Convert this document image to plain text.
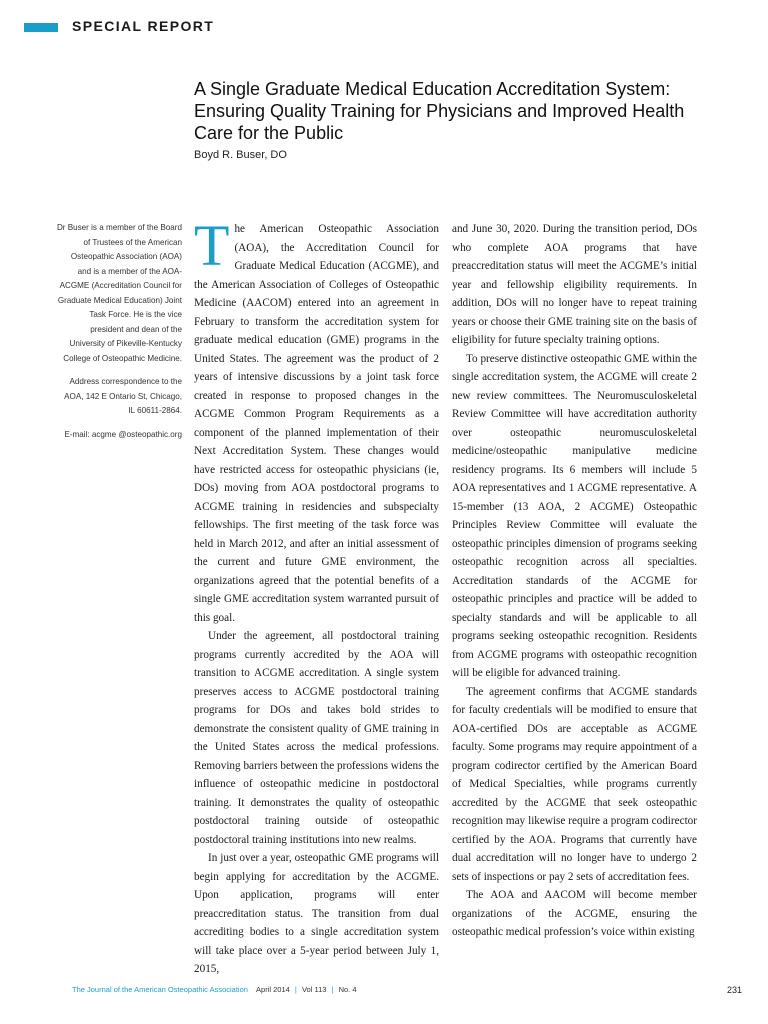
SPECIAL REPORT
A Single Graduate Medical Education Accreditation System: Ensuring Quality Training for Physicians and Improved Health Care for the Public
Boyd R. Buser, DO

Dr Buser is a member of the Board of Trustees of the American Osteopathic Association (AOA) and is a member of the AOA-ACGME (Accreditation Council for Graduate Medical Education) Joint Task Force. He is the vice president and dean of the University of Pikeville-Kentucky College of Osteopathic Medicine.

Address correspondence to the AOA, 142 E Ontario St, Chicago, IL 60611-2864.

E-mail: acgme @osteopathic.org

The American Osteopathic Association (AOA), the Accreditation Council for Graduate Medical Education (ACGME), and the American Association of Colleges of Osteopathic Medicine (AACOM) entered into an agreement in February to transform the accreditation system for graduate medical education (GME) programs in the United States. The agreement was the product of 2 years of intensive discussions by a joint task force created in response to proposed changes in the ACGME Common Program Requirements as a component of the planned implementation of their Next Accreditation System. These changes would have restricted access for osteopathic physicians (ie, DOs) moving from AOA postdoctoral programs to ACGME training in residencies and subspecialty fellowships. The first meeting of the task force was held in March 2012, and after an initial assessment of the current and future GME environment, the organizations agreed that the potential benefits of a single GME accreditation system warranted pursuit of this goal.

Under the agreement, all postdoctoral training programs currently accredited by the AOA will transition to ACGME accreditation. A single system preserves access to ACGME postdoctoral training programs for DOs and takes bold strides to demonstrate the consistent quality of GME training in the United States across the medical professions. Removing barriers between the professions widens the influence of osteopathic medicine in postdoctoral training. It demonstrates the quality of osteopathic postdoctoral training outside of osteopathic postdoctoral training institutions into new realms.

In just over a year, osteopathic GME programs will begin applying for accreditation by the ACGME. Upon application, programs will enter preaccreditation status. The transition from dual accrediting bodies to a single accreditation system will take place over a 5-year period between July 1, 2015,

and June 30, 2020. During the transition period, DOs who complete AOA programs that have preaccreditation status will meet the ACGME’s initial year and fellowship eligibility requirements. In addition, DOs will no longer have to repeat training years or choose their GME training site on the basis of eligibility for future specialty training options.

To preserve distinctive osteopathic GME within the single accreditation system, the ACGME will create 2 new review committees. The Neuromusculoskeletal Review Committee will have accreditation authority over osteopathic neuromusculoskeletal medicine/osteopathic manipulative medicine residency programs. Its 6 members will include 5 AOA representatives and 1 ACGME representative. A 15-member (13 AOA, 2 ACGME) Osteopathic Principles Review Committee will evaluate the osteopathic principles dimension of programs seeking osteopathic recognition across all specialties. Accreditation standards of the ACGME for osteopathic principles and practice will be added to specialty standards and will be applicable to all programs seeking osteopathic recognition. Residents from ACGME programs with osteopathic recognition will be eligible for advanced training.

The agreement confirms that ACGME standards for faculty credentials will be modified to ensure that AOA-certified DOs are acceptable as ACGME faculty. Some programs may require appointment of a program codirector certified by the American Board of Medical Specialties, while programs currently accredited by the ACGME that seek osteopathic recognition may likewise require a program codirector certified by the AOA. Programs that currently have dual accreditation will no longer have to undergo 2 sets of inspections or pay 2 sets of accreditation fees.

The AOA and AACOM will become member organizations of the ACGME, ensuring the osteopathic medical profession’s voice within existing

The Journal of the American Osteopathic Association April 2014 | Vol 113 | No. 4	231
